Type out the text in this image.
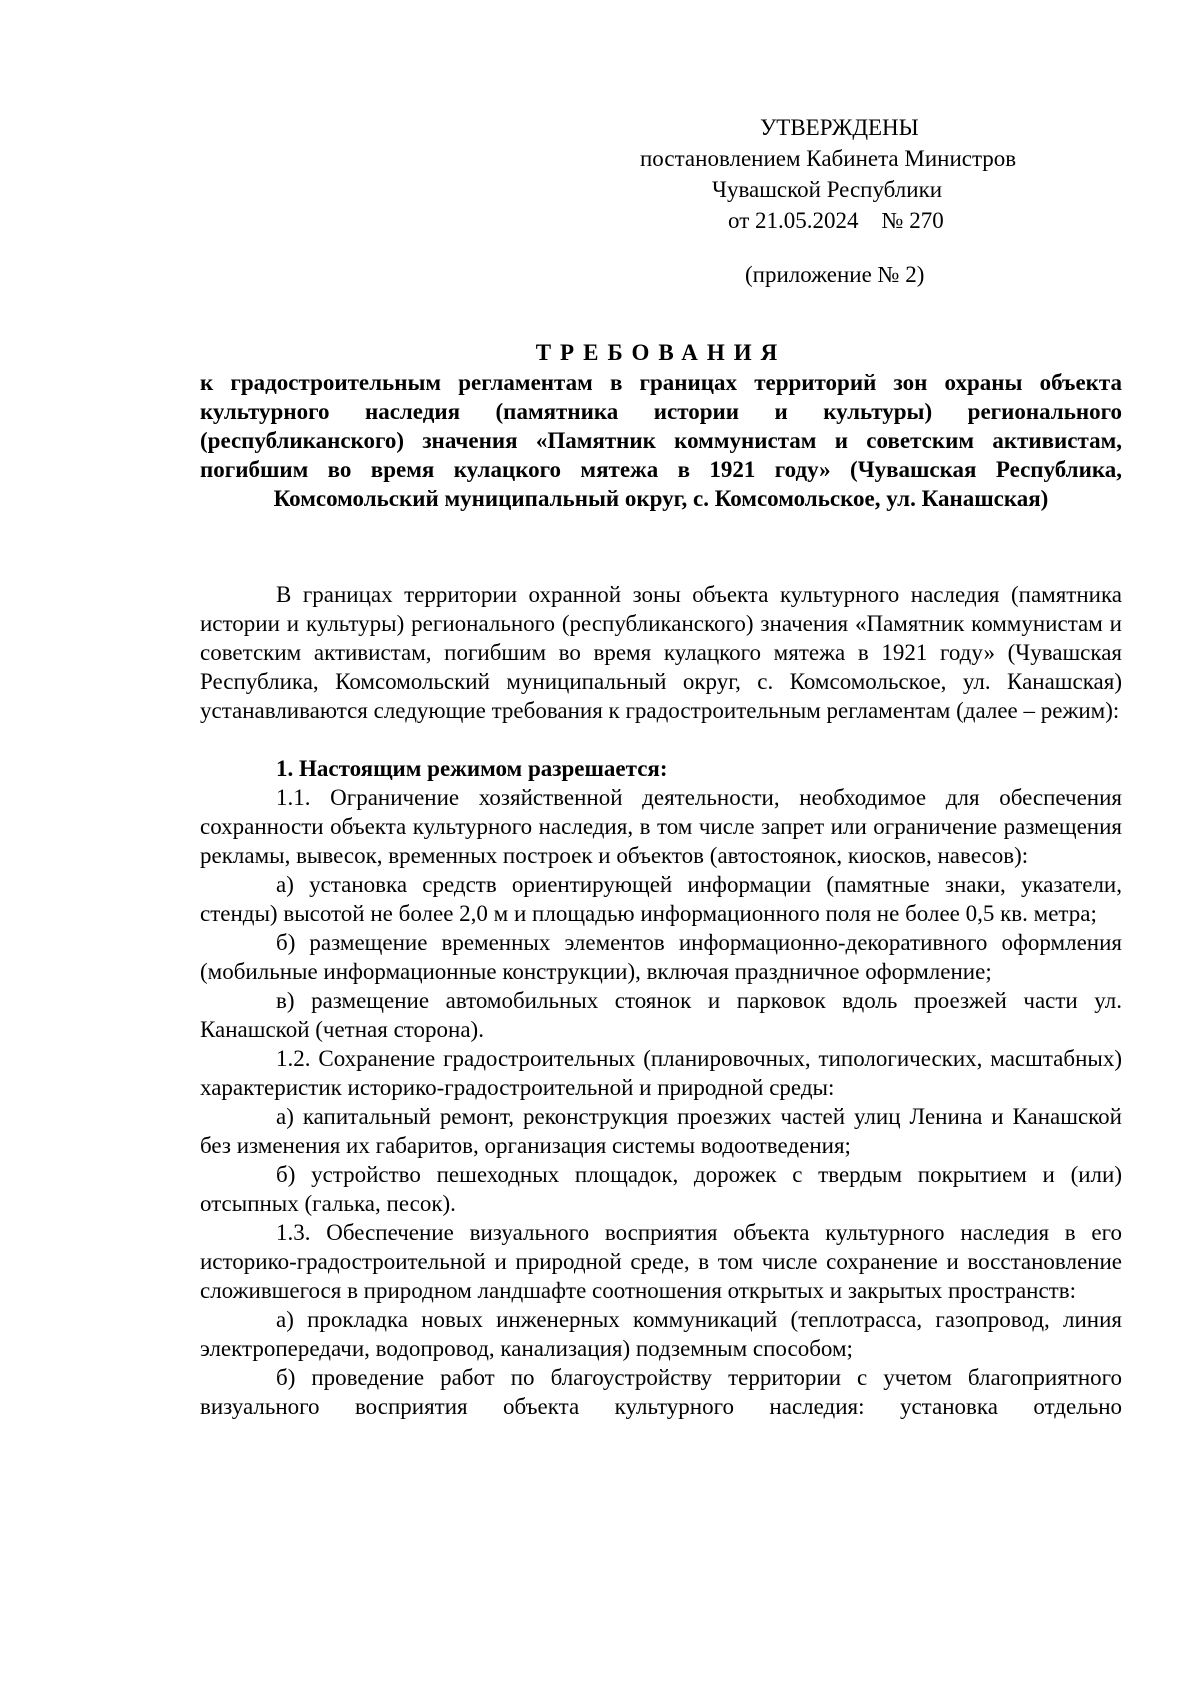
УТВЕРЖДЕНЫ
постановлением Кабинета Министров
Чувашской Республики
от 21.05.2024    № 270
(приложение № 2)
ТРЕБОВАНИЯ
к градостроительным регламентам в границах территорий зон охраны объекта культурного наследия (памятника истории и культуры) регионального (республиканского) значения «Памятник коммунистам и советским активистам, погибшим во время кулацкого мятежа в 1921 году» (Чувашская Республика, Комсомольский муниципальный округ, с. Комсомольское, ул. Канашская)

В границах территории охранной зоны объекта культурного наследия (памятника истории и культуры) регионального (республиканского) значения «Памятник коммунистам и советским активистам, погибшим во время кулацкого мятежа в 1921 году» (Чувашская Республика, Комсомольский муниципальный округ, с. Комсомольское, ул. Канашская) устанавливаются следующие требования к градостроительным регламентам (далее – режим):

1. Настоящим режимом разрешается:

1.1. Ограничение хозяйственной деятельности, необходимое для обеспечения сохранности объекта культурного наследия, в том числе запрет или ограничение размещения рекламы, вывесок, временных построек и объектов (автостоянок, киосков, навесов):

а) установка средств ориентирующей информации (памятные знаки, указатели, стенды) высотой не более 2,0 м и площадью информационного поля не более 0,5 кв. метра;

б) размещение временных элементов информационно-декоративного оформления (мобильные информационные конструкции), включая праздничное оформление;

в) размещение автомобильных стоянок и парковок вдоль проезжей части ул. Канашской (четная сторона).

1.2. Сохранение градостроительных (планировочных, типологических, масштабных) характеристик историко-градостроительной и природной среды:

а) капитальный ремонт, реконструкция проезжих частей улиц Ленина и Канашской без изменения их габаритов, организация системы водоотведения;

б) устройство пешеходных площадок, дорожек с твердым покрытием и (или) отсыпных (галька, песок).

1.3. Обеспечение визуального восприятия объекта культурного наследия в его историко-градостроительной и природной среде, в том числе сохранение и восстановление сложившегося в природном ландшафте соотношения открытых и закрытых пространств:

а) прокладка новых инженерных коммуникаций (теплотрасса, газопровод, линия электропередачи, водопровод, канализация) подземным способом;

б) проведение работ по благоустройству территории с учетом благоприятного визуального восприятия объекта культурного наследия: установка отдельно
